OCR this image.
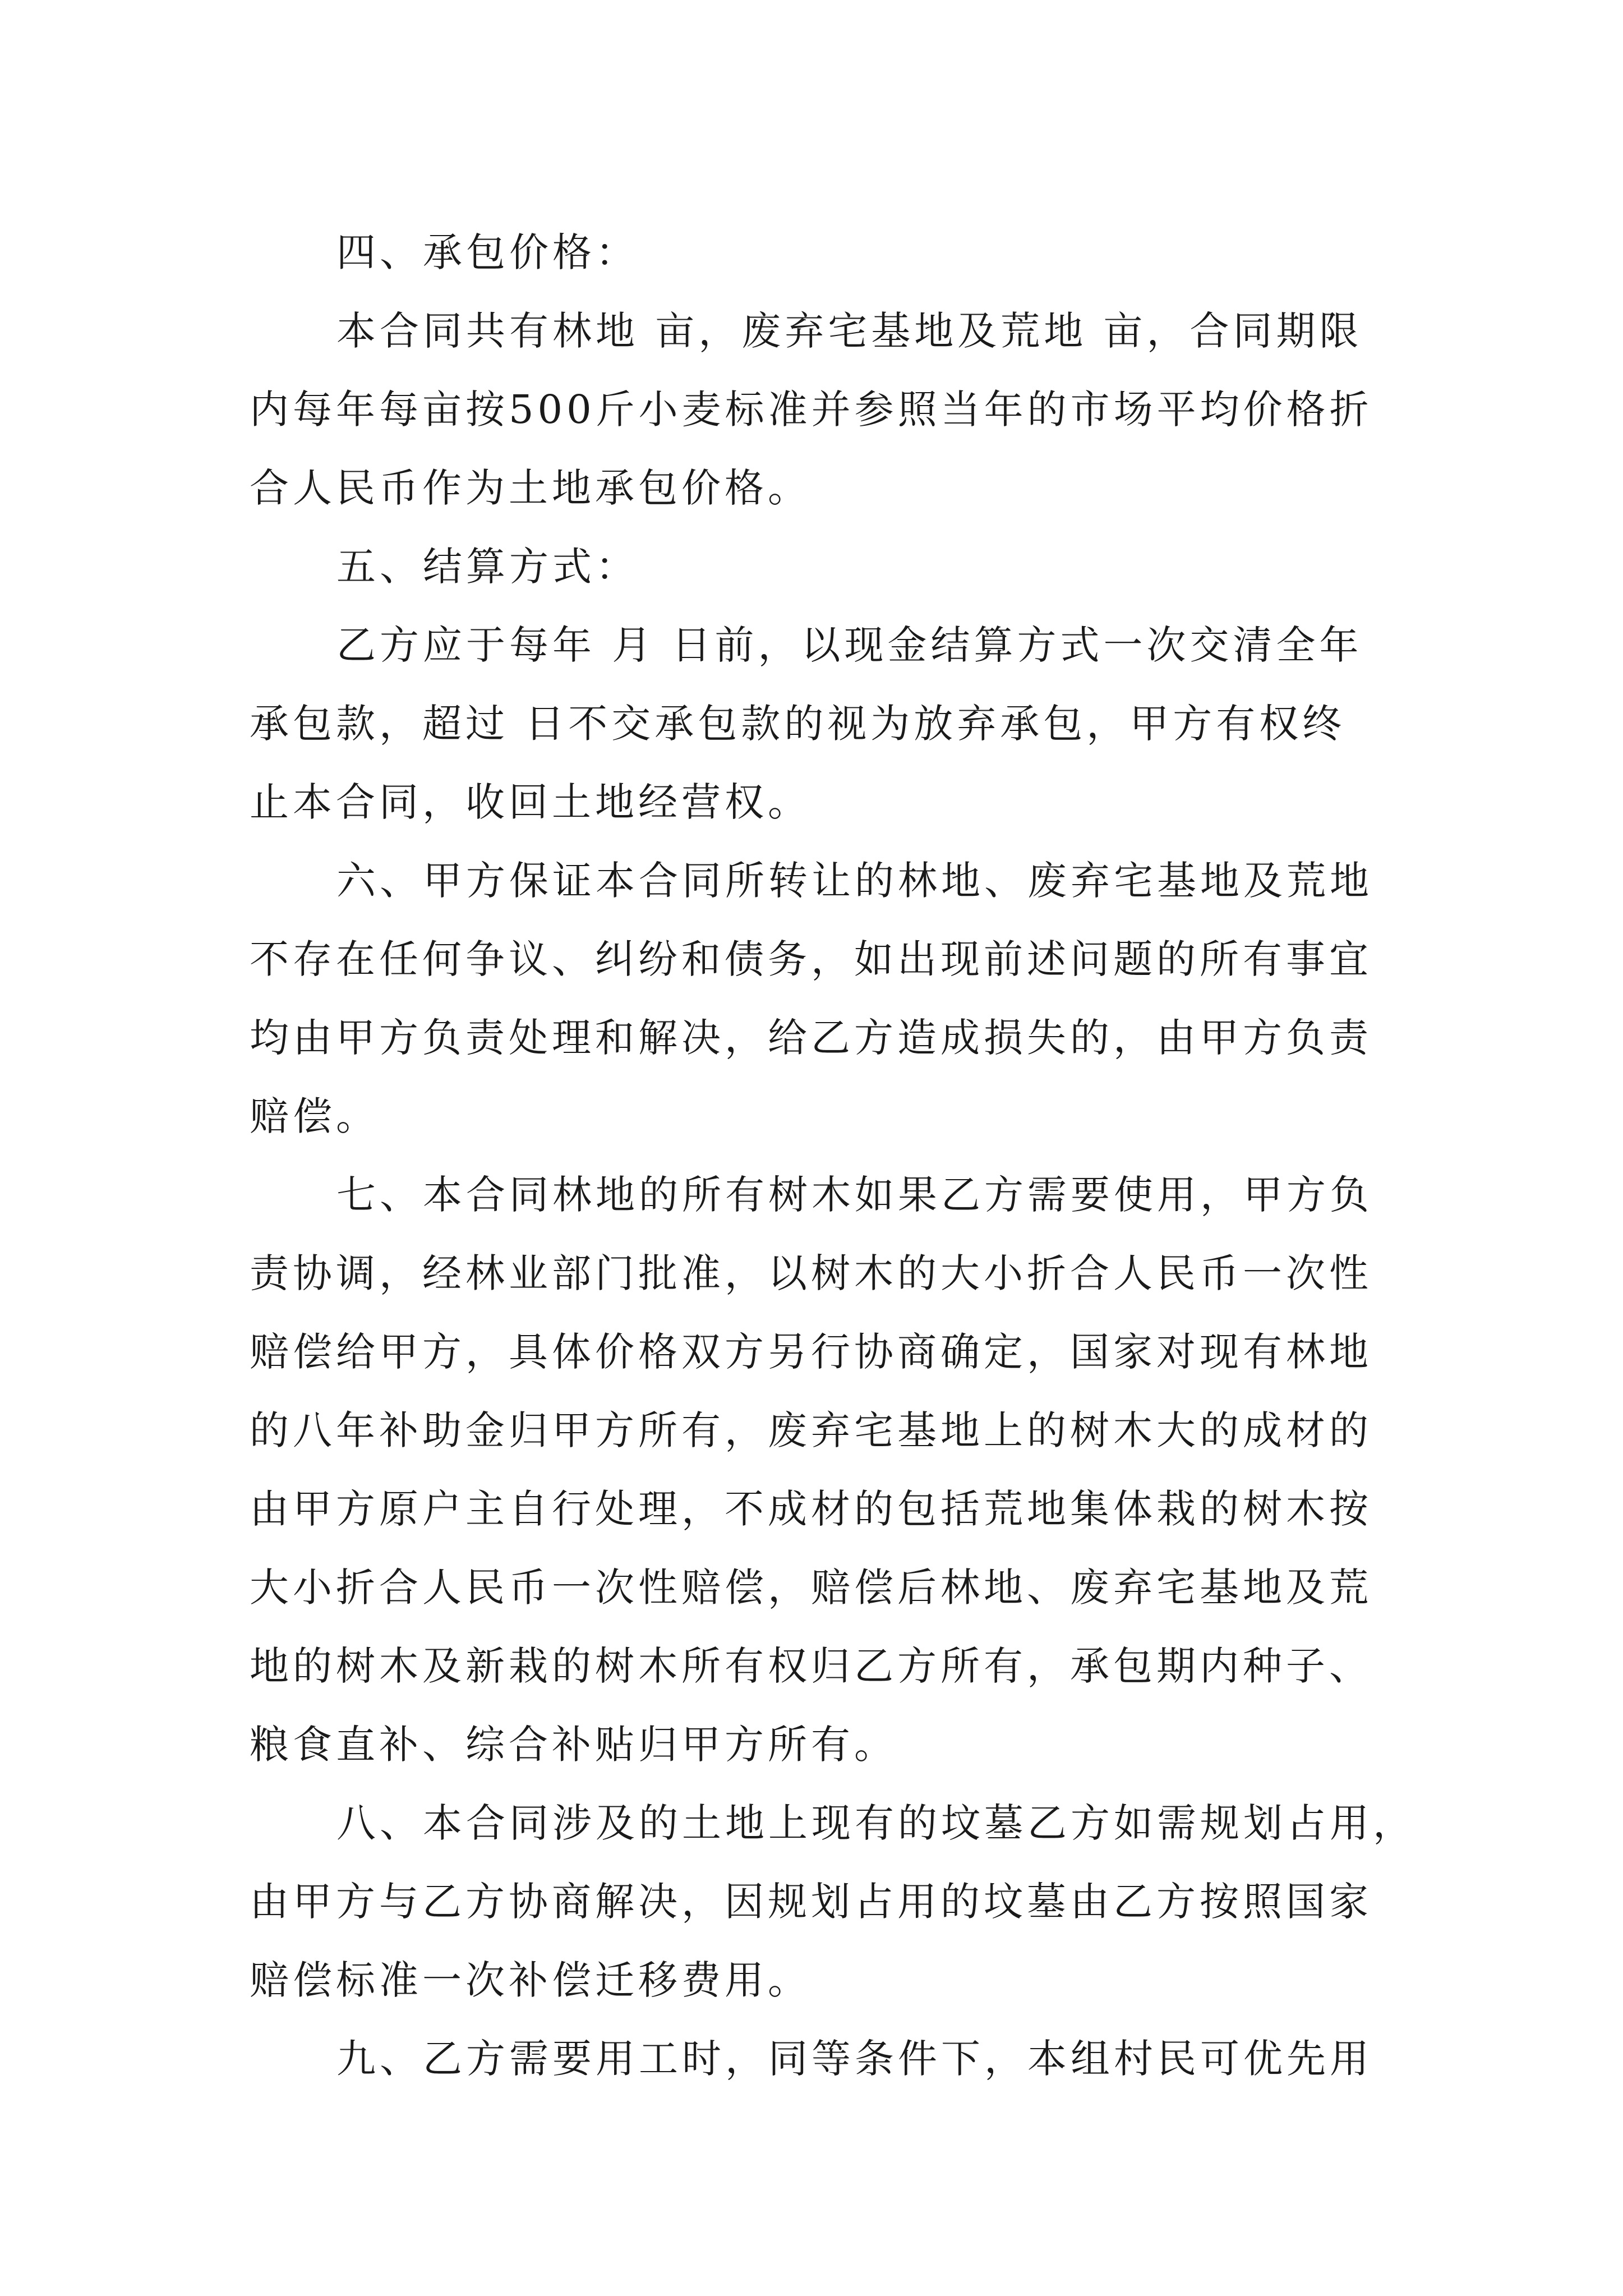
四、承包价格：
本合同共有林地 亩，废弃宅基地及荒地 亩，合同期限
内每年每亩按500斤小麦标准并参照当年的市场平均价格折
合人民币作为土地承包价格。
五、结算方式：
乙方应于每年 月 日前，以现金结算方式一次交清全年
承包款，超过 日不交承包款的视为放弃承包，甲方有权终
止本合同，收回土地经营权。
六、甲方保证本合同所转让的林地、废弃宅基地及荒地
不存在任何争议、纠纷和债务，如出现前述问题的所有事宜
均由甲方负责处理和解决，给乙方造成损失的，由甲方负责
赔偿。
七、本合同林地的所有树木如果乙方需要使用，甲方负
责协调，经林业部门批准，以树木的大小折合人民币一次性
赔偿给甲方，具体价格双方另行协商确定，国家对现有林地
的八年补助金归甲方所有，废弃宅基地上的树木大的成材的
由甲方原户主自行处理，不成材的包括荒地集体栽的树木按
大小折合人民币一次性赔偿，赔偿后林地、废弃宅基地及荒
地的树木及新栽的树木所有权归乙方所有，承包期内种子、
粮食直补、综合补贴归甲方所有。
八、本合同涉及的土地上现有的坟墓乙方如需规划占用，
由甲方与乙方协商解决，因规划占用的坟墓由乙方按照国家
赔偿标准一次补偿迁移费用。
九、乙方需要用工时，同等条件下，本组村民可优先用
